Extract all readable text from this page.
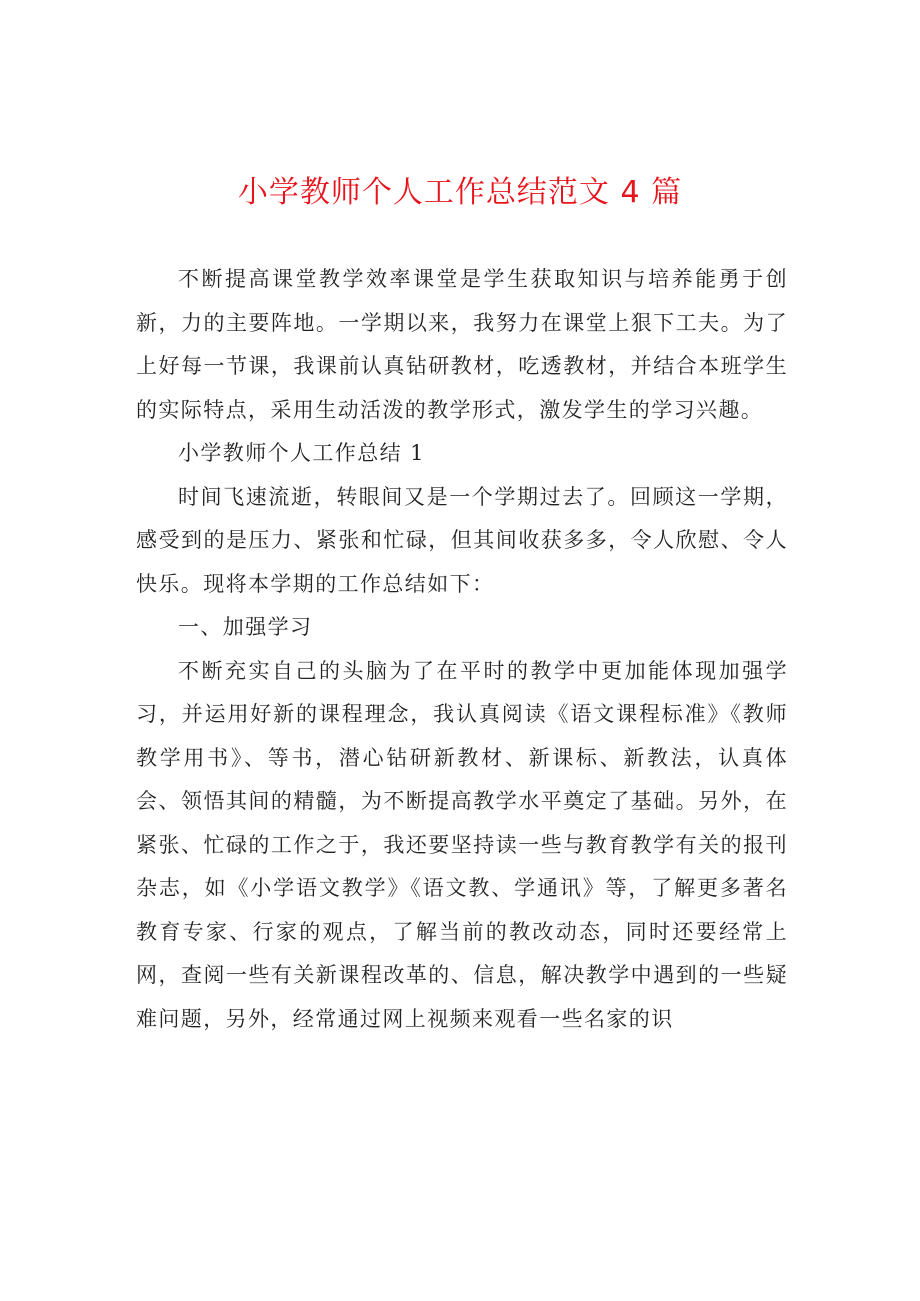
小学教师个人工作总结范文 4 篇

不断提高课堂教学效率课堂是学生获取知识与培养能勇于创新，力的主要阵地。一学期以来，我努力在课堂上狠下工夫。为了上好每一节课，我课前认真钻研教材，吃透教材，并结合本班学生的实际特点，采用生动活泼的教学形式，激发学生的学习兴趣。

小学教师个人工作总结 1

时间飞速流逝，转眼间又是一个学期过去了。回顾这一学期，感受到的是压力、紧张和忙碌，但其间收获多多，令人欣慰、令人快乐。现将本学期的工作总结如下：

一、加强学习

不断充实自己的头脑为了在平时的教学中更加能体现加强学习，并运用好新的课程理念，我认真阅读《语文课程标准》《教师教学用书》、等书，潜心钻研新教材、新课标、新教法，认真体会、领悟其间的精髓，为不断提高教学水平奠定了基础。另外，在紧张、忙碌的工作之于，我还要坚持读一些与教育教学有关的报刊杂志，如《小学语文教学》《语文教、学通讯》等，了解更多著名教育专家、行家的观点，了解当前的教改动态，同时还要经常上网，查阅一些有关新课程改革的、信息，解决教学中遇到的一些疑难问题，另外，经常通过网上视频来观看一些名家的识
